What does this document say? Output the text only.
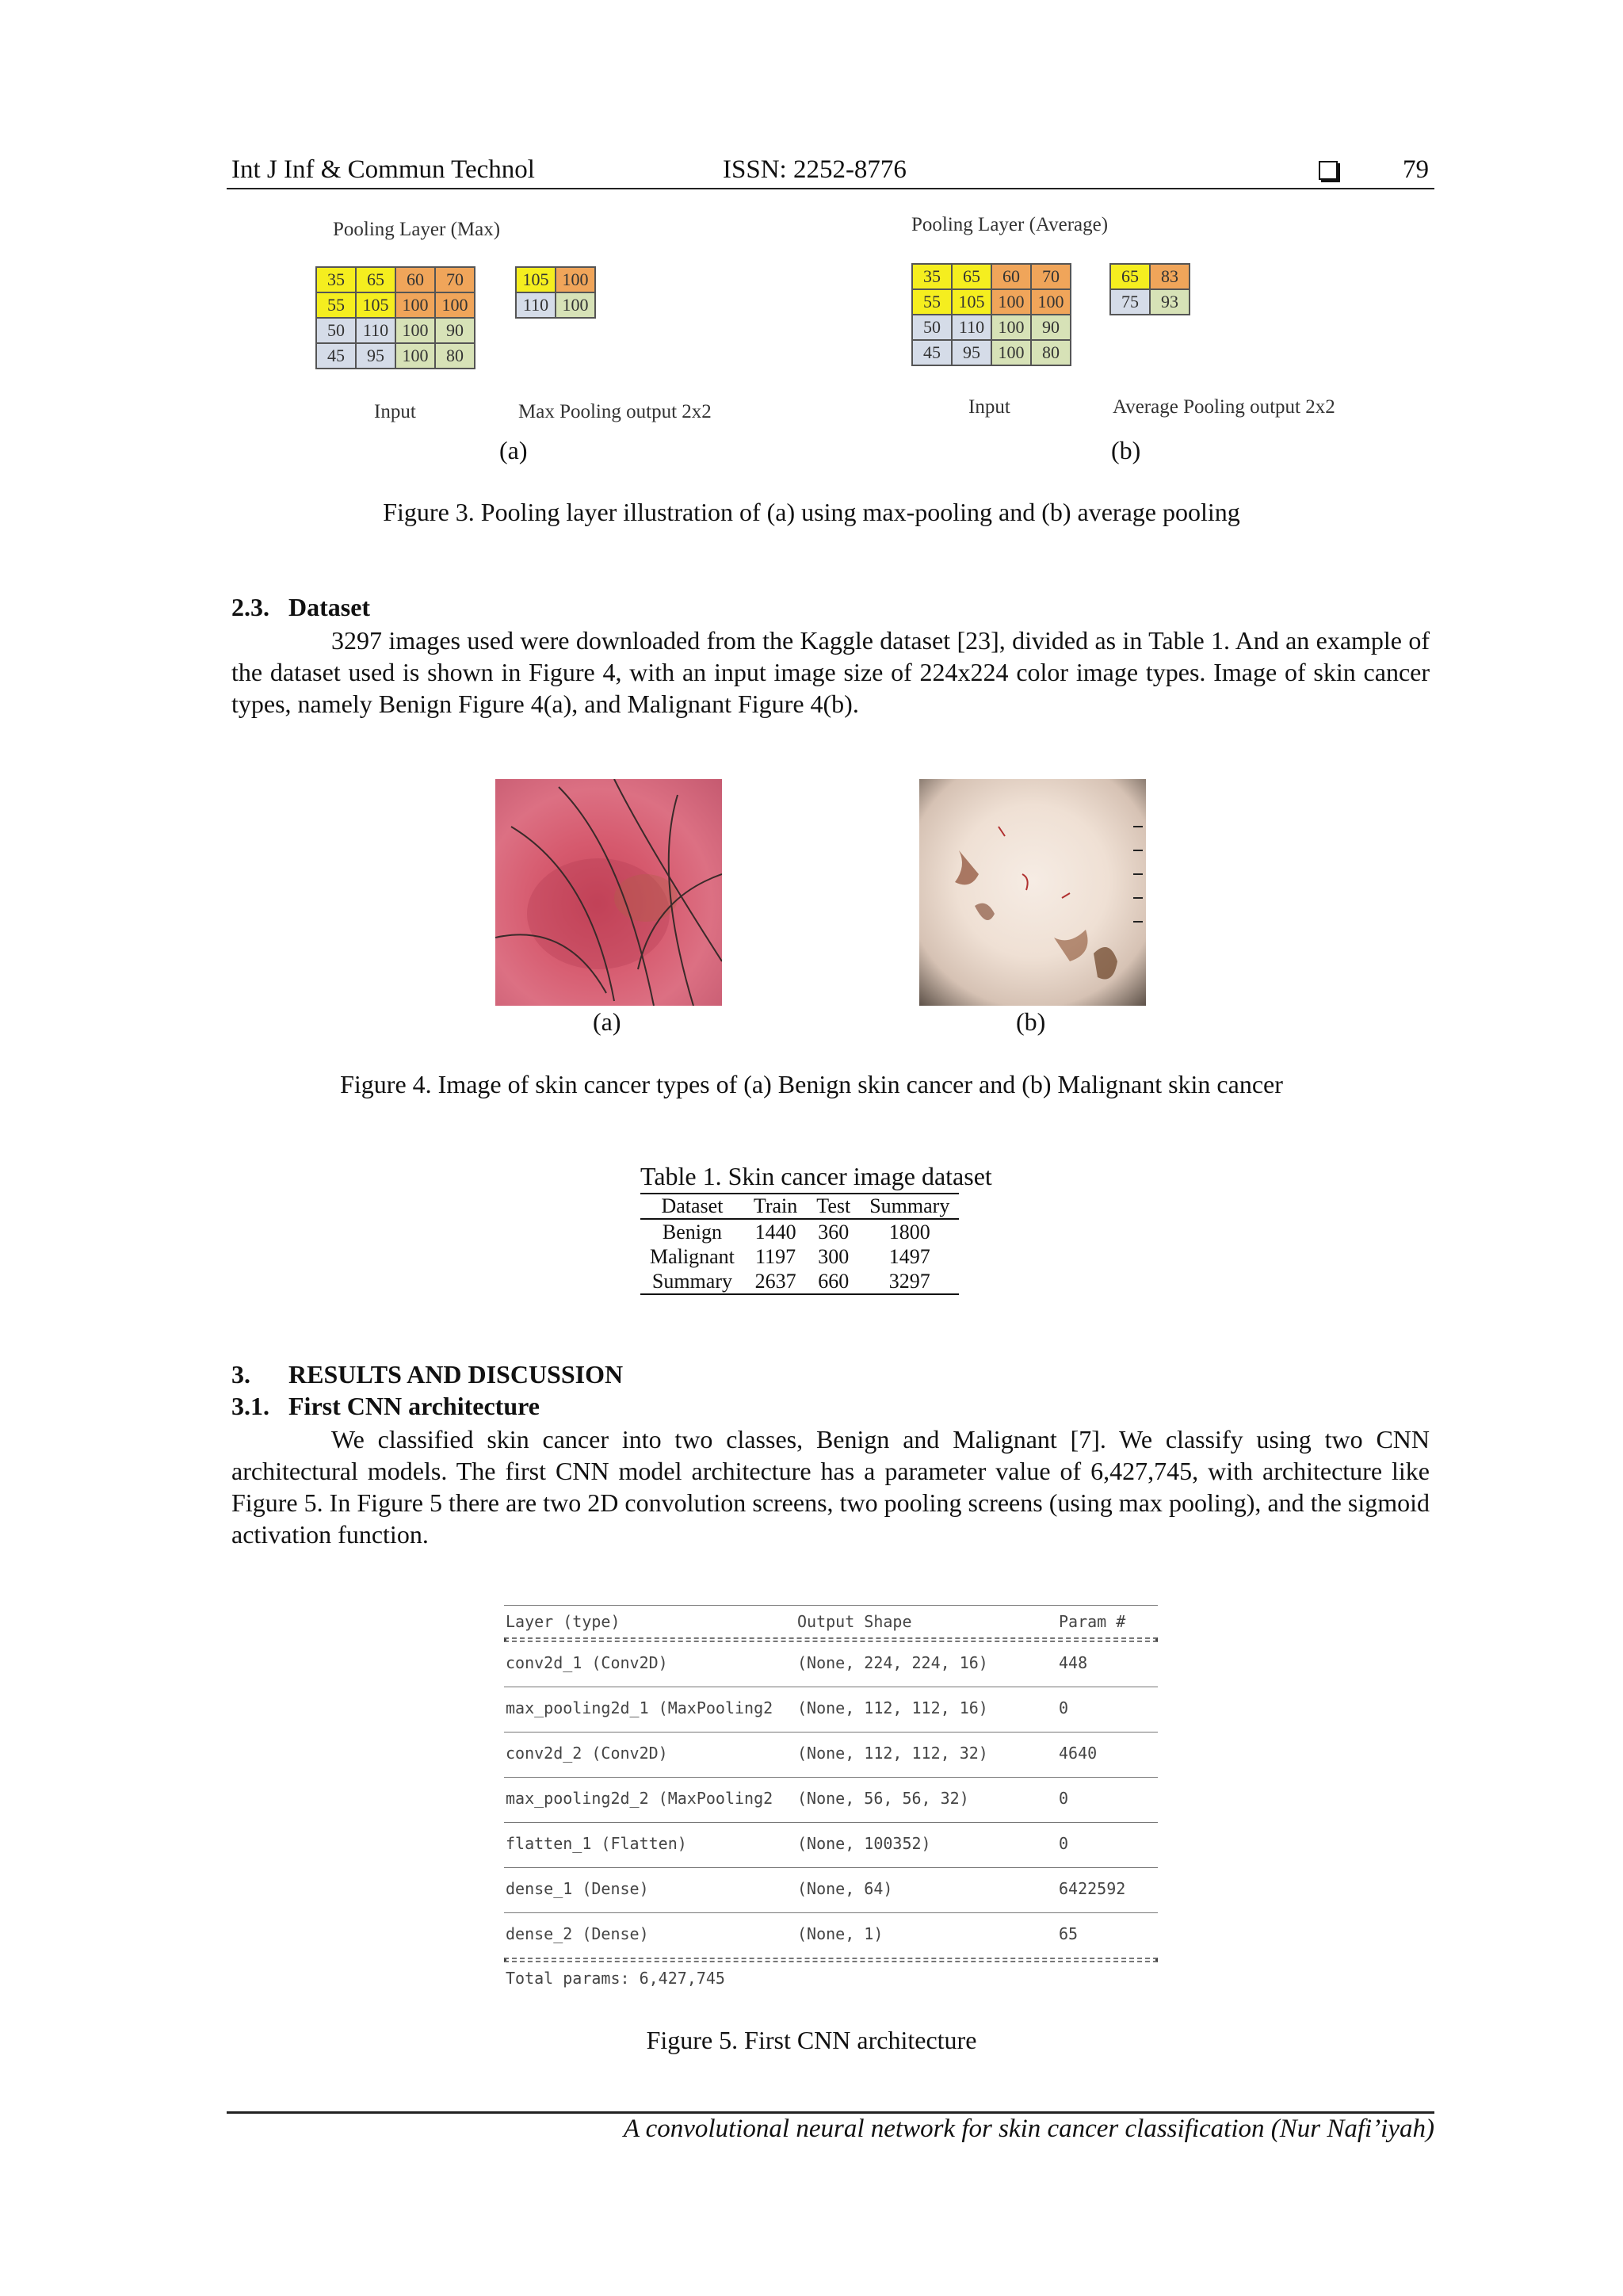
Int J Inf & Commun Technol	ISSN: 2252-8776	79
Pooling Layer (Max)
35	65	60	70
55	105	100	100
50	110	100	90
45	95	100	80
105	100
110	100
Input	Max Pooling output 2x2
(a)
Pooling Layer (Average)
35	65	60	70
55	105	100	100
50	110	100	90
45	95	100	80
65	83
75	93
Input	Average Pooling output 2x2
(b)
Figure 3. Pooling layer illustration of (a) using max-pooling and (b) average pooling
2.3.   Dataset
3297 images used were downloaded from the Kaggle dataset [23], divided as in Table 1. And an example of the dataset used is shown in Figure 4, with an input image size of 224x224 color image types. Image of skin cancer types, namely Benign Figure 4(a), and Malignant Figure 4(b).
(a)	(b)
Figure 4. Image of skin cancer types of (a) Benign skin cancer and (b) Malignant skin cancer
Table 1. Skin cancer image dataset
Dataset	Train	Test	Summary
Benign	1440	360	1800
Malignant	1197	300	1497
Summary	2637	660	3297
3.      RESULTS AND DISCUSSION
3.1.   First CNN architecture
We classified skin cancer into two classes, Benign and Malignant [7]. We classify using two CNN architectural models. The first CNN model architecture has a parameter value of 6,427,745, with architecture like Figure 5. In Figure 5 there are two 2D convolution screens, two pooling screens (using max pooling), and the sigmoid activation function.
Layer (type)	Output Shape	Param #
conv2d_1 (Conv2D)	(None, 224, 224, 16)	448
max_pooling2d_1 (MaxPooling2 (None, 112, 112, 16)	0
conv2d_2 (Conv2D)	(None, 112, 112, 32)	4640
max_pooling2d_2 (MaxPooling2 (None, 56, 56, 32)	0
flatten_1 (Flatten)	(None, 100352)	0
dense_1 (Dense)	(None, 64)	6422592
dense_2 (Dense)	(None, 1)	65
Total params: 6,427,745
Figure 5. First CNN architecture
A convolutional neural network for skin cancer classification (Nur Nafi’iyah)
